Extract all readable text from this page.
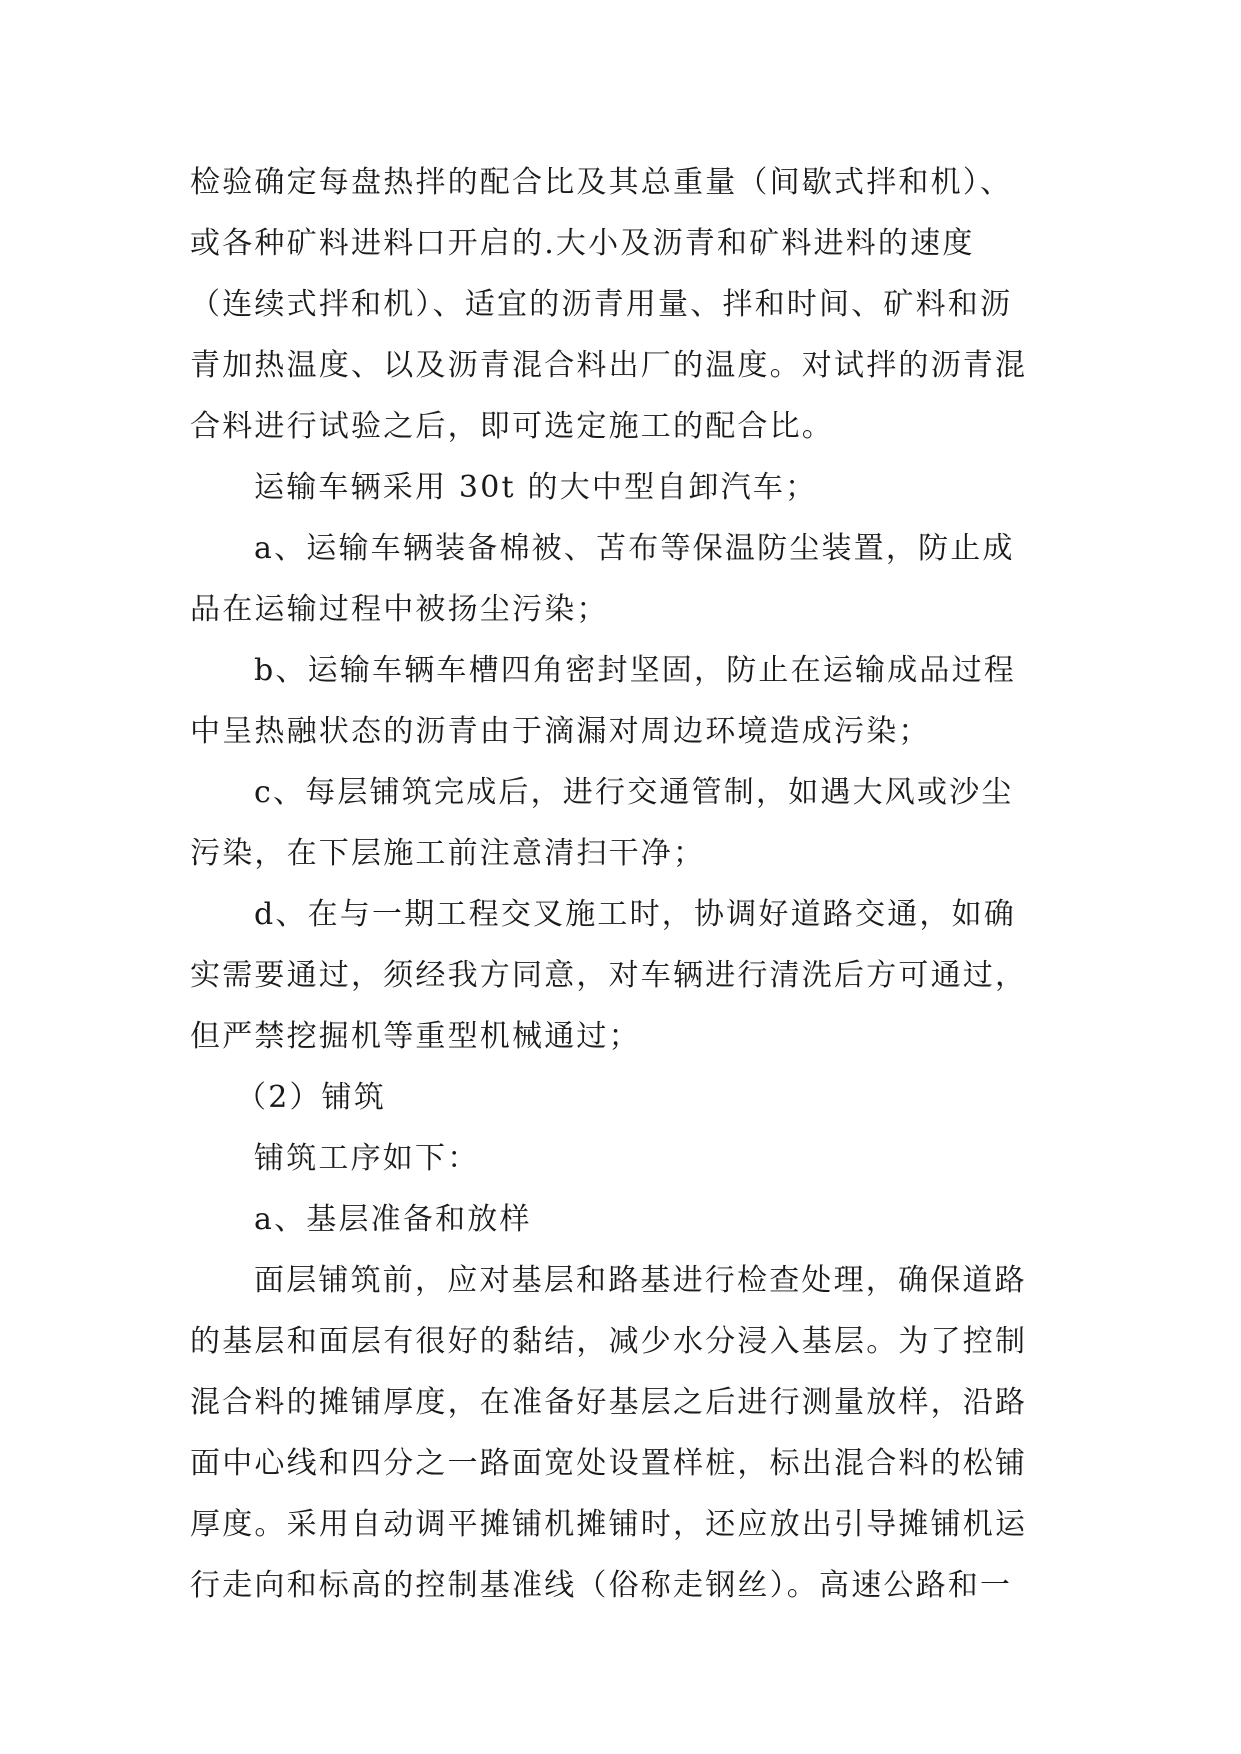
检验确定每盘热拌的配合比及其总重量（间歇式拌和机）、
或各种矿料进料口开启的.大小及沥青和矿料进料的速度
（连续式拌和机）、适宜的沥青用量、拌和时间、矿料和沥
青加热温度、以及沥青混合料出厂的温度。对试拌的沥青混
合料进行试验之后，即可选定施工的配合比。
运输车辆采用 30t 的大中型自卸汽车；
a、运输车辆装备棉被、苫布等保温防尘装置，防止成
品在运输过程中被扬尘污染；
b、运输车辆车槽四角密封坚固，防止在运输成品过程
中呈热融状态的沥青由于滴漏对周边环境造成污染；
c、每层铺筑完成后，进行交通管制，如遇大风或沙尘
污染，在下层施工前注意清扫干净；
d、在与一期工程交叉施工时，协调好道路交通，如确
实需要通过，须经我方同意，对车辆进行清洗后方可通过，
但严禁挖掘机等重型机械通过；
（2）铺筑
铺筑工序如下：
a、基层准备和放样
面层铺筑前，应对基层和路基进行检查处理，确保道路
的基层和面层有很好的黏结，减少水分浸入基层。为了控制
混合料的摊铺厚度，在准备好基层之后进行测量放样，沿路
面中心线和四分之一路面宽处设置样桩，标出混合料的松铺
厚度。采用自动调平摊铺机摊铺时，还应放出引导摊铺机运
行走向和标高的控制基准线（俗称走钢丝）。高速公路和一
